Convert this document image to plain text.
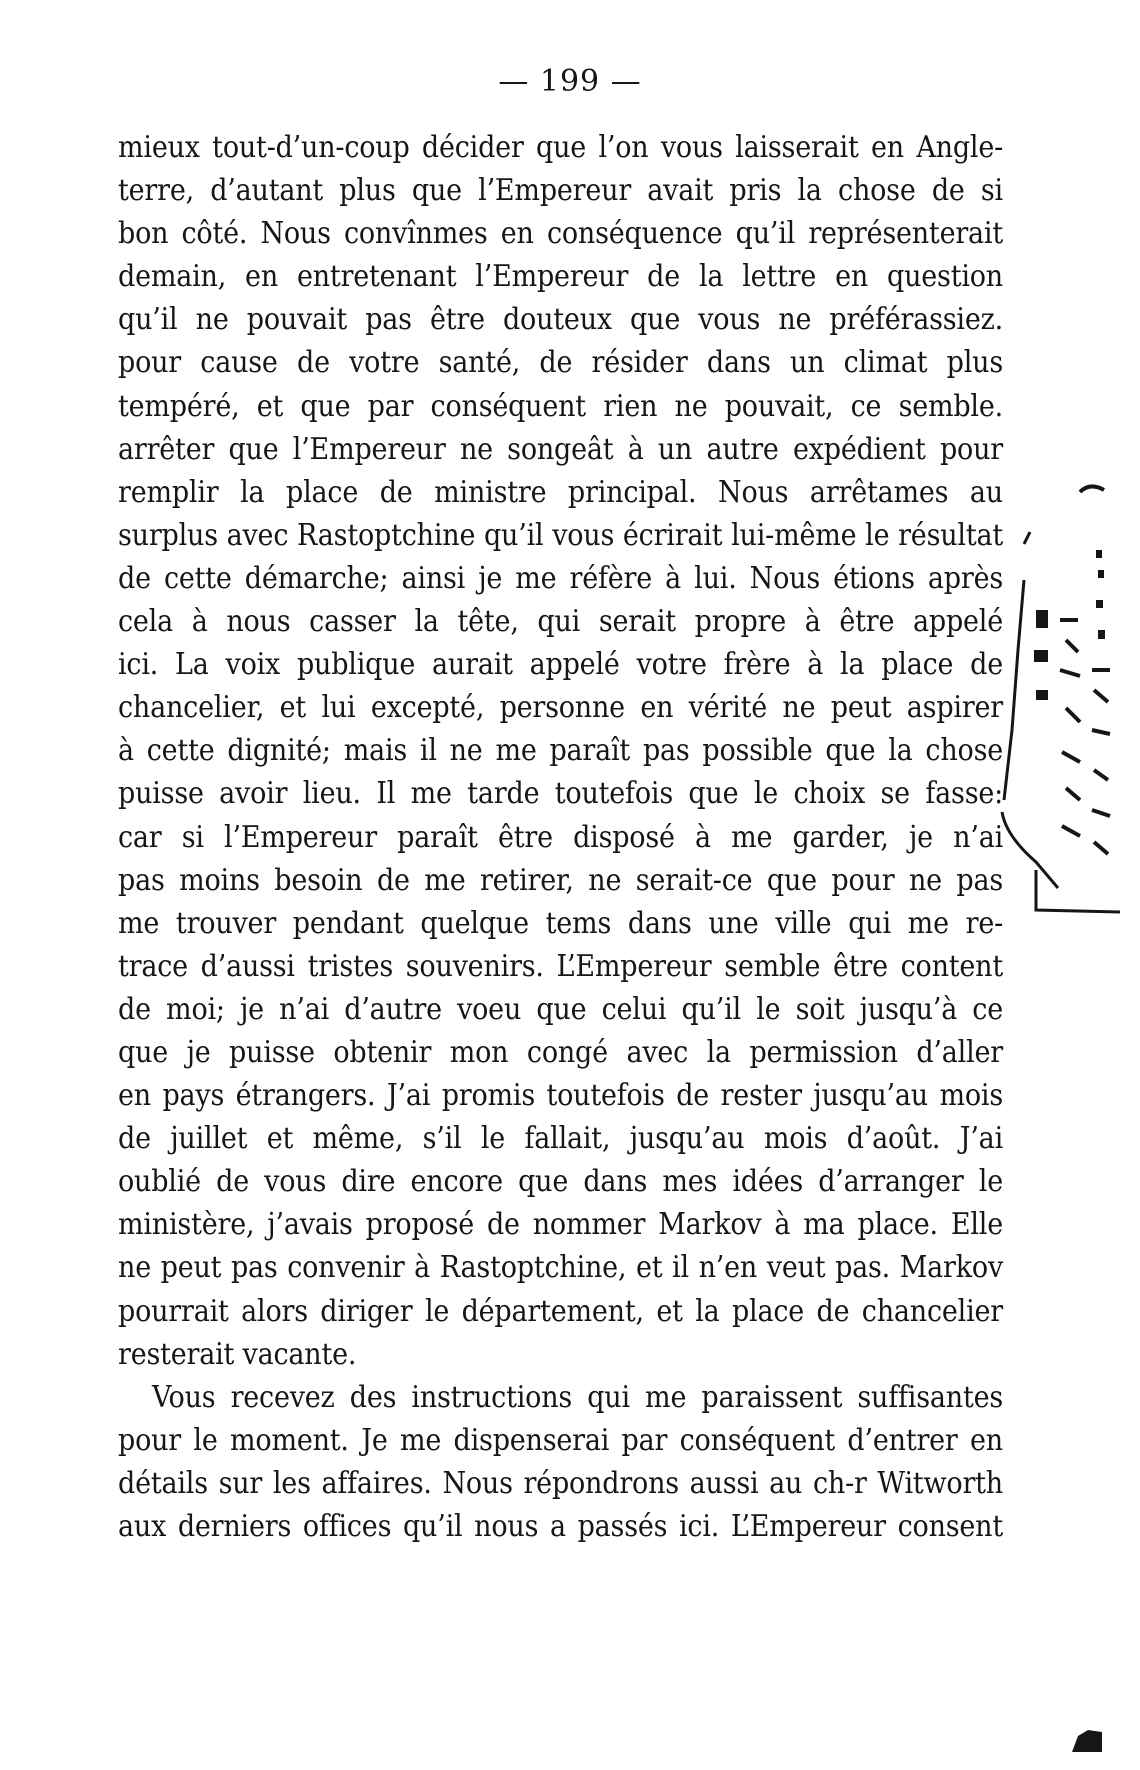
— 199 —
mieux tout-d’un-coup décider que l’on vous laisserait en Angle-
terre, d’autant plus que l’Empereur avait pris la chose de si
bon côté. Nous convînmes en conséquence qu’il représenterait
demain, en entretenant l’Empereur de la lettre en question
qu’il ne pouvait pas être douteux que vous ne préférassiez.
pour cause de votre santé, de résider dans un climat plus
tempéré, et que par conséquent rien ne pouvait, ce semble.
arrêter que l’Empereur ne songeât à un autre expédient pour
remplir la place de ministre principal. Nous arrêtames au
surplus avec Rastoptchine qu’il vous écrirait lui-même le résultat
de cette démarche; ainsi je me réfère à lui. Nous étions après
cela à nous casser la tête, qui serait propre à être appelé
ici. La voix publique aurait appelé votre frère à la place de
chancelier, et lui excepté, personne en vérité ne peut aspirer
à cette dignité; mais il ne me paraît pas possible que la chose
puisse avoir lieu. Il me tarde toutefois que le choix se fasse:
car si l’Empereur paraît être disposé à me garder, je n’ai
pas moins besoin de me retirer, ne serait-ce que pour ne pas
me trouver pendant quelque tems dans une ville qui me re-
trace d’aussi tristes souvenirs. L’Empereur semble être content
de moi; je n’ai d’autre voeu que celui qu’il le soit jusqu’à ce
que je puisse obtenir mon congé avec la permission d’aller
en pays étrangers. J’ai promis toutefois de rester jusqu’au mois
de juillet et même, s’il le fallait, jusqu’au mois d’août. J’ai
oublié de vous dire encore que dans mes idées d’arranger le
ministère, j’avais proposé de nommer Markov à ma place. Elle
ne peut pas convenir à Rastoptchine, et il n’en veut pas. Markov
pourrait alors diriger le département, et la place de chancelier
resterait vacante.
Vous recevez des instructions qui me paraissent suffisantes
pour le moment. Je me dispenserai par conséquent d’entrer en
détails sur les affaires. Nous répondrons aussi au ch-r Witworth
aux derniers offices qu’il nous a passés ici. L’Empereur consent
